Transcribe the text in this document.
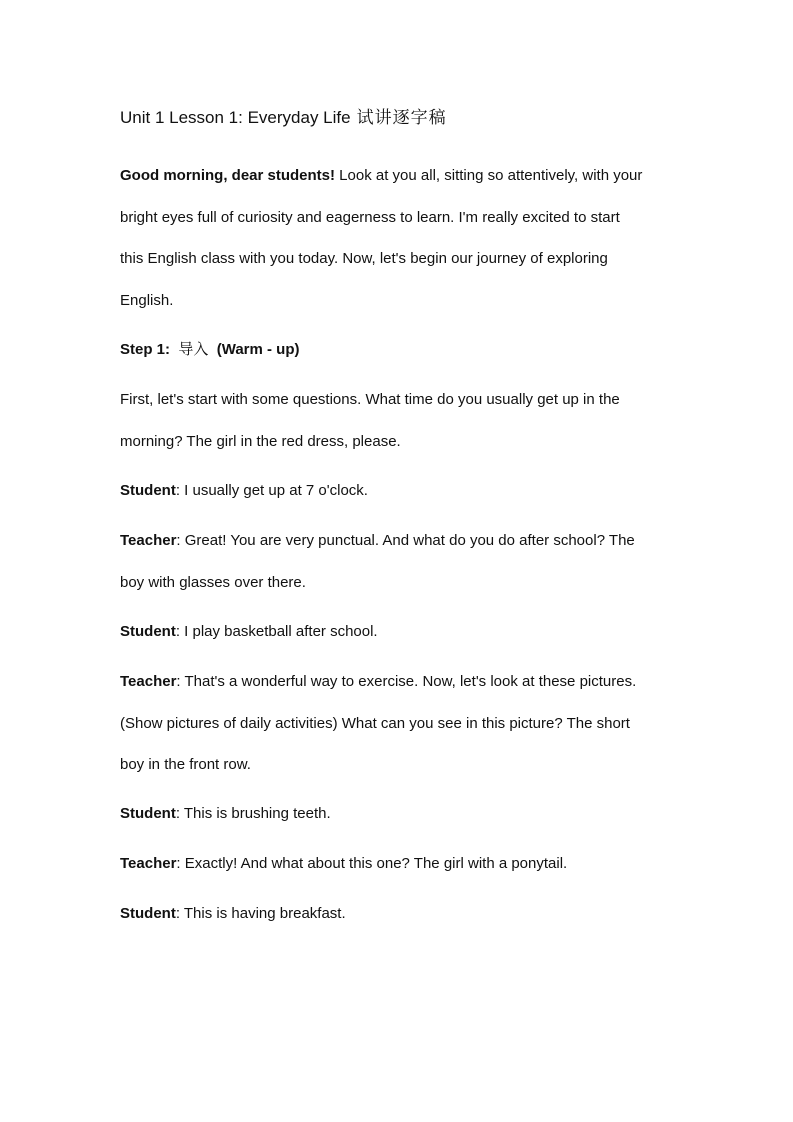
Unit 1 Lesson 1: Everyday Life 试讲逐字稿
Good morning, dear students! Look at you all, sitting so attentively, with your
bright eyes full of curiosity and eagerness to learn. I'm really excited to start
this English class with you today. Now, let's begin our journey of exploring
English.
Step 1: 导入 (Warm - up)
First, let's start with some questions. What time do you usually get up in the
morning? The girl in the red dress, please.
Student: I usually get up at 7 o'clock.
Teacher: Great! You are very punctual. And what do you do after school? The
boy with glasses over there.
Student: I play basketball after school.
Teacher: That's a wonderful way to exercise. Now, let's look at these pictures.
(Show pictures of daily activities) What can you see in this picture? The short
boy in the front row.
Student: This is brushing teeth.
Teacher: Exactly! And what about this one? The girl with a ponytail.
Student: This is having breakfast.
